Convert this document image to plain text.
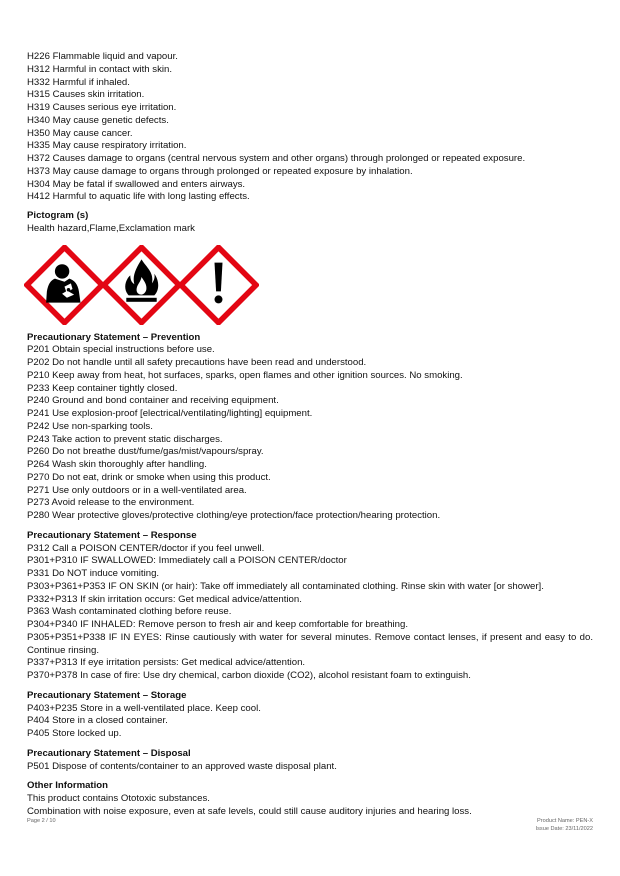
H226 Flammable liquid and vapour.
H312 Harmful in contact with skin.
H332 Harmful if inhaled.
H315 Causes skin irritation.
H319 Causes serious eye irritation.
H340 May cause genetic defects.
H350 May cause cancer.
H335 May cause respiratory irritation.
H372 Causes damage to organs (central nervous system and other organs) through prolonged or repeated exposure.
H373 May cause damage to organs through prolonged or repeated exposure by inhalation.
H304 May be fatal if swallowed and enters airways.
H412 Harmful to aquatic life with long lasting effects.
Pictogram (s)
Health hazard,Flame,Exclamation mark
Precautionary Statement – Prevention
P201 Obtain special instructions before use.
P202 Do not handle until all safety precautions have been read and understood.
P210 Keep away from heat, hot surfaces, sparks, open flames and other ignition sources. No smoking.
P233 Keep container tightly closed.
P240 Ground and bond container and receiving equipment.
P241 Use explosion-proof [electrical/ventilating/lighting] equipment.
P242 Use non-sparking tools.
P243 Take action to prevent static discharges.
P260 Do not breathe dust/fume/gas/mist/vapours/spray.
P264 Wash skin thoroughly after handling.
P270 Do not eat, drink or smoke when using this product.
P271 Use only outdoors or in a well-ventilated area.
P273 Avoid release to the environment.
P280 Wear protective gloves/protective clothing/eye protection/face protection/hearing protection.
Precautionary Statement – Response
P312 Call a POISON CENTER/doctor if you feel unwell.
P301+P310 IF SWALLOWED: Immediately call a POISON CENTER/doctor
P331 Do NOT induce vomiting.
P303+P361+P353 IF ON SKIN (or hair): Take off immediately all contaminated clothing. Rinse skin with water [or shower].
P332+P313 If skin irritation occurs: Get medical advice/attention.
P363 Wash contaminated clothing before reuse.
P304+P340 IF INHALED: Remove person to fresh air and keep comfortable for breathing.
P305+P351+P338 IF IN EYES: Rinse cautiously with water for several minutes. Remove contact lenses, if present and easy to do. Continue rinsing.
P337+P313 If eye irritation persists: Get medical advice/attention.
P370+P378 In case of fire: Use dry chemical, carbon dioxide (CO2), alcohol resistant foam to extinguish.
Precautionary Statement – Storage
P403+P235 Store in a well-ventilated place. Keep cool.
P404 Store in a closed container.
P405 Store locked up.
Precautionary Statement – Disposal
P501 Dispose of contents/container to an approved waste disposal plant.
Other Information
This product contains Ototoxic substances.
Combination with noise exposure, even at safe levels, could still cause auditory injuries and hearing loss.
Page 2 / 10	Product Name: PEN-X
Issue Date: 23/11/2022
